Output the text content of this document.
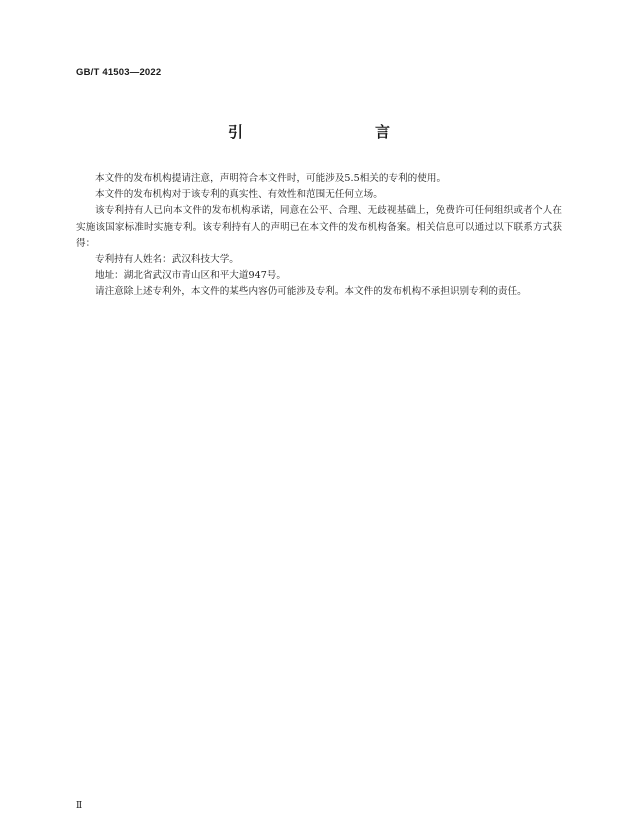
GB/T 41503—2022
引　　言

本文件的发布机构提请注意，声明符合本文件时，可能涉及5.5相关的专利的使用。

本文件的发布机构对于该专利的真实性、有效性和范围无任何立场。

该专利持有人已向本文件的发布机构承诺，同意在公平、合理、无歧视基础上，免费许可任何组织或者个人在实施该国家标准时实施专利。该专利持有人的声明已在本文件的发布机构备案。相关信息可以通过以下联系方式获得：

专利持有人姓名：武汉科技大学。

地址：湖北省武汉市青山区和平大道947号。

请注意除上述专利外，本文件的某些内容仍可能涉及专利。本文件的发布机构不承担识别专利的责任。

Ⅱ
